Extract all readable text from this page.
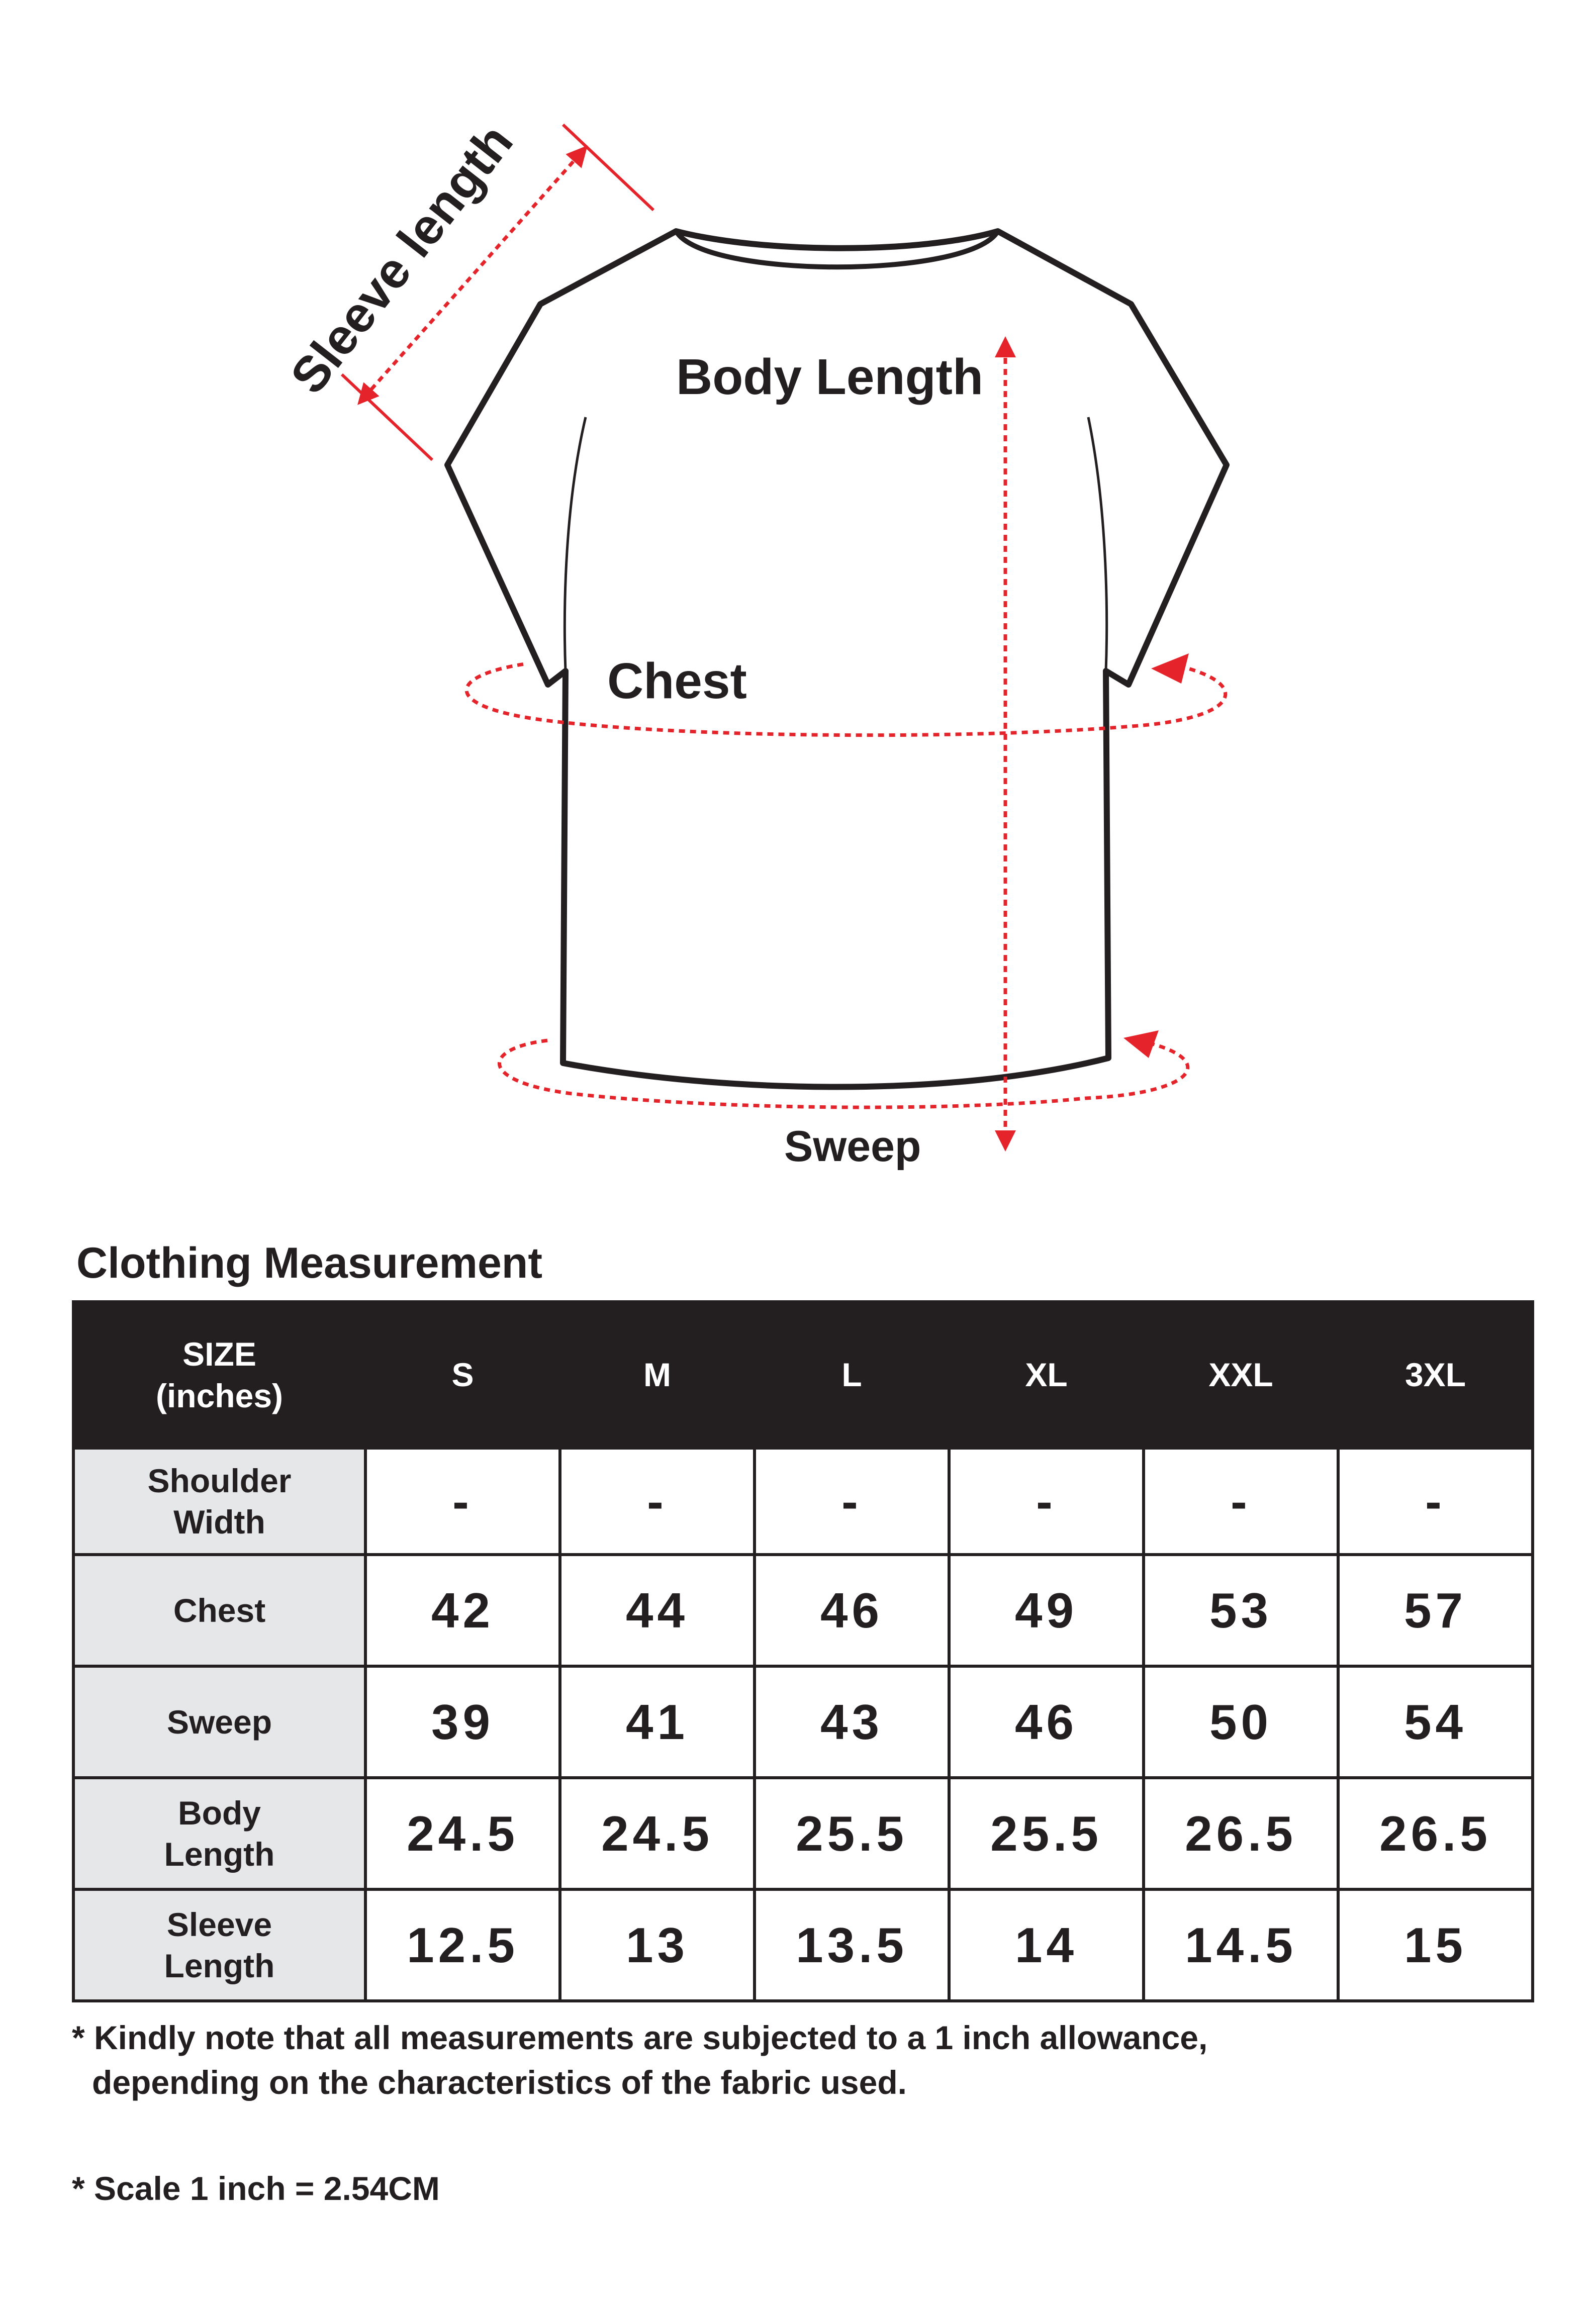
Sleeve length	Body Length
Chest
Sweep
Clothing Measurement
SIZE
(inches)	S	M	L	XL	XXL	3XL
Shoulder
Width	-	-	-	-	-	-
Chest	42	44	46	49	53	57
Sweep	39	41	43	46	50	54
Body
Length	24.5	24.5	25.5	25.5	26.5	26.5
Sleeve
Length	12.5	13	13.5	14	14.5	15
* Kindly note that all measurements are subjected to a 1 inch allowance,
depending on the characteristics of the fabric used.
* Scale 1 inch = 2.54CM
